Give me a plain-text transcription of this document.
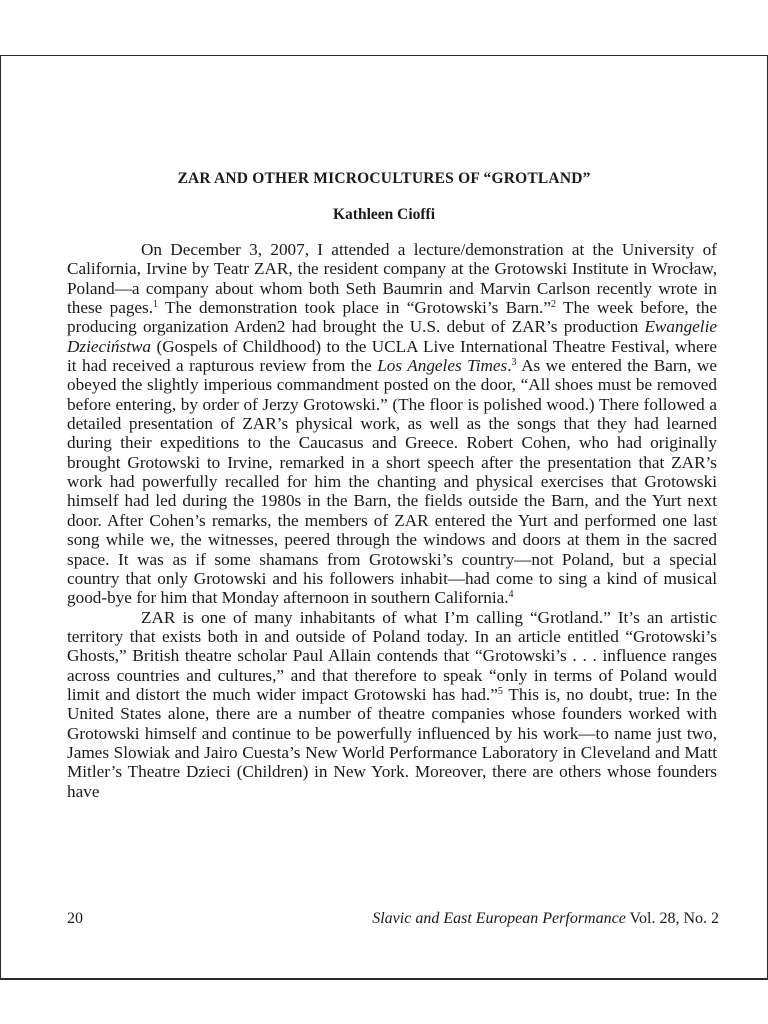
ZAR AND OTHER MICROCULTURES OF “GROTLAND”
Kathleen Cioffi

On December 3, 2007, I attended a lecture/demonstration at the University of California, Irvine by Teatr ZAR, the resident company at the Grotowski Institute in Wrocław, Poland—a company about whom both Seth Baumrin and Marvin Carlson recently wrote in these pages.$^1$ The demonstration took place in “Grotowski’s Barn.”$^2$ The week before, the producing organization Arden2 had brought the U.S. debut of ZAR’s production Ewangelie Dzieciństwa (Gospels of Childhood) to the UCLA Live International Theatre Festival, where it had received a rapturous review from the Los Angeles Times.$^3$ As we entered the Barn, we obeyed the slightly imperious commandment posted on the door, “All shoes must be removed before entering, by order of Jerzy Grotowski.” (The floor is polished wood.) There followed a detailed presentation of ZAR’s physical work, as well as the songs that they had learned during their expeditions to the Caucasus and Greece. Robert Cohen, who had originally brought Grotowski to Irvine, remarked in a short speech after the presentation that ZAR’s work had powerfully recalled for him the chanting and physical exercises that Grotowski himself had led during the 1980s in the Barn, the fields outside the Barn, and the Yurt next door. After Cohen’s remarks, the members of ZAR entered the Yurt and performed one last song while we, the witnesses, peered through the windows and doors at them in the sacred space. It was as if some shamans from Grotowski’s country—not Poland, but a special country that only Grotowski and his followers inhabit—had come to sing a kind of musical good-bye for him that Monday afternoon in southern California.$^4$

ZAR is one of many inhabitants of what I’m calling “Grotland.” It’s an artistic territory that exists both in and outside of Poland today. In an article entitled “Grotowski’s Ghosts,” British theatre scholar Paul Allain contends that “Grotowski’s . . . influence ranges across countries and cultures,” and that therefore to speak “only in terms of Poland would limit and distort the much wider impact Grotowski has had.”$^5$ This is, no doubt, true: In the United States alone, there are a number of theatre companies whose founders worked with Grotowski himself and continue to be powerfully influenced by his work—to name just two, James Slowiak and Jairo Cuesta’s New World Performance Laboratory in Cleveland and Matt Mitler’s Theatre Dzieci (Children) in New York. Moreover, there are others whose founders have

20	Slavic and East European Performance Vol. 28, No. 2
